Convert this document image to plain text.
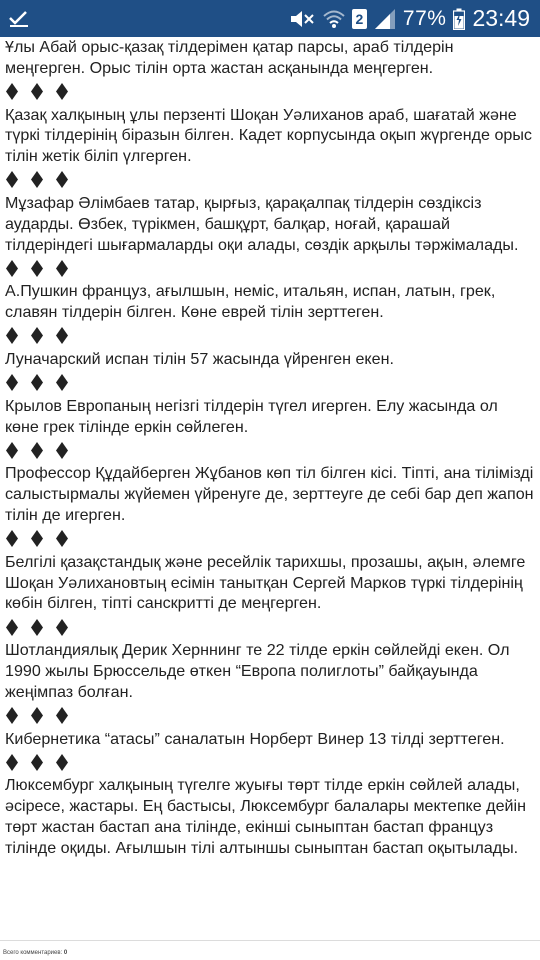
2 77% 23:49

Ұлы Абай орыс-қазақ тілдерімен қатар парсы, араб тілдерін меңгерген. Орыс тілін орта жастан асқанында меңгерген.

Қазақ халқының ұлы перзенті Шоқан Уәлиханов араб, шағатай және түркі тілдерінің біразын білген. Кадет корпусында оқып жүргенде орыс тілін жетік біліп үлгерген.

Мұзафар Әлімбаев татар, қырғыз, қарақалпақ тілдерін сөздіксіз аударды. Өзбек, түрікмен, башқұрт, балқар, ноғай, қарашай тілдеріндегі шығармаларды оқи алады, сөздік арқылы тәржімалады.

А.Пушкин француз, ағылшын, неміс, итальян, испан, латын, грек, славян тілдерін білген. Көне еврей тілін зерттеген.

Луначарский испан тілін 57 жасында үйренген екен.

Крылов Европаның негізгі тілдерін түгел игерген. Елу жасында ол көне грек тілінде еркін сөйлеген.

Профессор Құдайберген Жұбанов көп тіл білген кісі. Тіпті, ана тілімізді салыстырмалы жүйемен үйренуге де, зерттеуге де себі бар деп жапон тілін де игерген.

Белгілі қазақстандық және ресейлік тарихшы, прозашы, ақын, әлемге Шоқан Уәлихановтың есімін танытқан Сергей Марков түркі тілдерінің көбін білген, тіпті санскритті де меңгерген.

Шотландиялық Дерик Херннинг те 22 тілде еркін сөйлейді екен. Ол 1990 жылы Брюссельде өткен “Европа полиглоты” байқауында жеңімпаз болған.

Кибернетика “атасы” саналатын Норберт Винер 13 тілді зерттеген.

Люксембург халқының түгелге жуығы төрт тілде еркін сөйлей алады, әсіресе, жастары. Ең бастысы, Люксембург балалары мектепке дейін төрт жастан бастап ана тілінде, екінші сыныптан бастап француз тілінде оқиды. Ағылшын тілі алтыншы сыныптан бастап оқытылады.

Всего комментариев: 0
